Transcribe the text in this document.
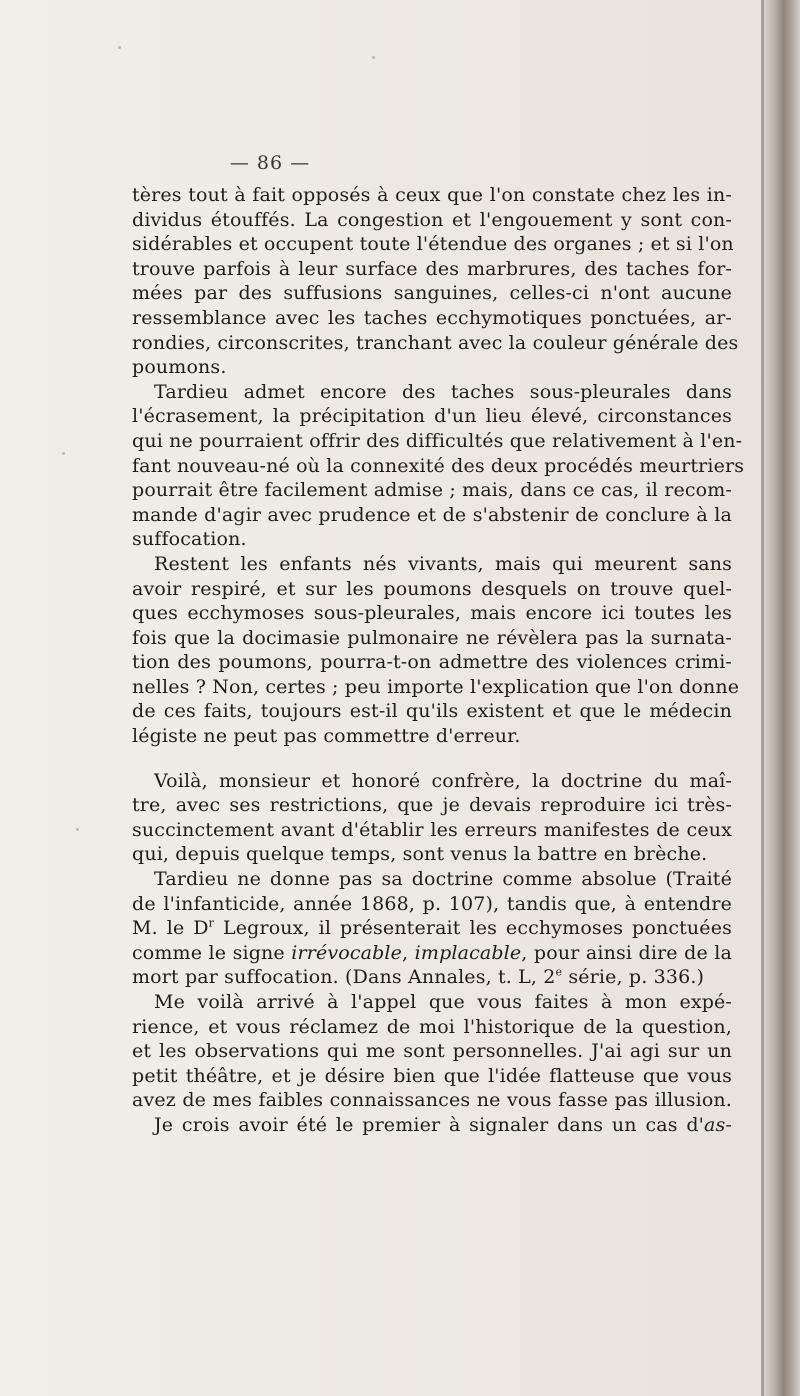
— 86 —
tères tout à fait opposés à ceux que l'on constate chez les in-
dividus étouffés. La congestion et l'engouement y sont con-
sidérables et occupent toute l'étendue des organes ; et si l'on
trouve parfois à leur surface des marbrures, des taches for-
mées par des suffusions sanguines, celles-ci n'ont aucune
ressemblance avec les taches ecchymotiques ponctuées, ar-
rondies, circonscrites, tranchant avec la couleur générale des
poumons.
Tardieu admet encore des taches sous-pleurales dans
l'écrasement, la précipitation d'un lieu élevé, circonstances
qui ne pourraient offrir des difficultés que relativement à l'en-
fant nouveau-né où la connexité des deux procédés meurtriers
pourrait être facilement admise ; mais, dans ce cas, il recom-
mande d'agir avec prudence et de s'abstenir de conclure à la
suffocation.
Restent les enfants nés vivants, mais qui meurent sans
avoir respiré, et sur les poumons desquels on trouve quel-
ques ecchymoses sous-pleurales, mais encore ici toutes les
fois que la docimasie pulmonaire ne révèlera pas la surnata-
tion des poumons, pourra-t-on admettre des violences crimi-
nelles ? Non, certes ; peu importe l'explication que l'on donne
de ces faits, toujours est-il qu'ils existent et que le médecin
légiste ne peut pas commettre d'erreur.
Voilà, monsieur et honoré confrère, la doctrine du maî-
tre, avec ses restrictions, que je devais reproduire ici très-
succinctement avant d'établir les erreurs manifestes de ceux
qui, depuis quelque temps, sont venus la battre en brèche.
Tardieu ne donne pas sa doctrine comme absolue (Traité
de l'infanticide, année 1868, p. 107), tandis que, à entendre
M. le $D^r$ Legroux, il présenterait les ecchymoses ponctuées
comme le signe irrévocable, implacable, pour ainsi dire de la
mort par suffocation. (Dans Annales, t. L, 2e série, p. 336.)
Me voilà arrivé à l'appel que vous faites à mon expé-
rience, et vous réclamez de moi l'historique de la question,
et les observations qui me sont personnelles. J'ai agi sur un
petit théâtre, et je désire bien que l'idée flatteuse que vous
avez de mes faibles connaissances ne vous fasse pas illusion.
Je crois avoir été le premier à signaler dans un cas d'as-
